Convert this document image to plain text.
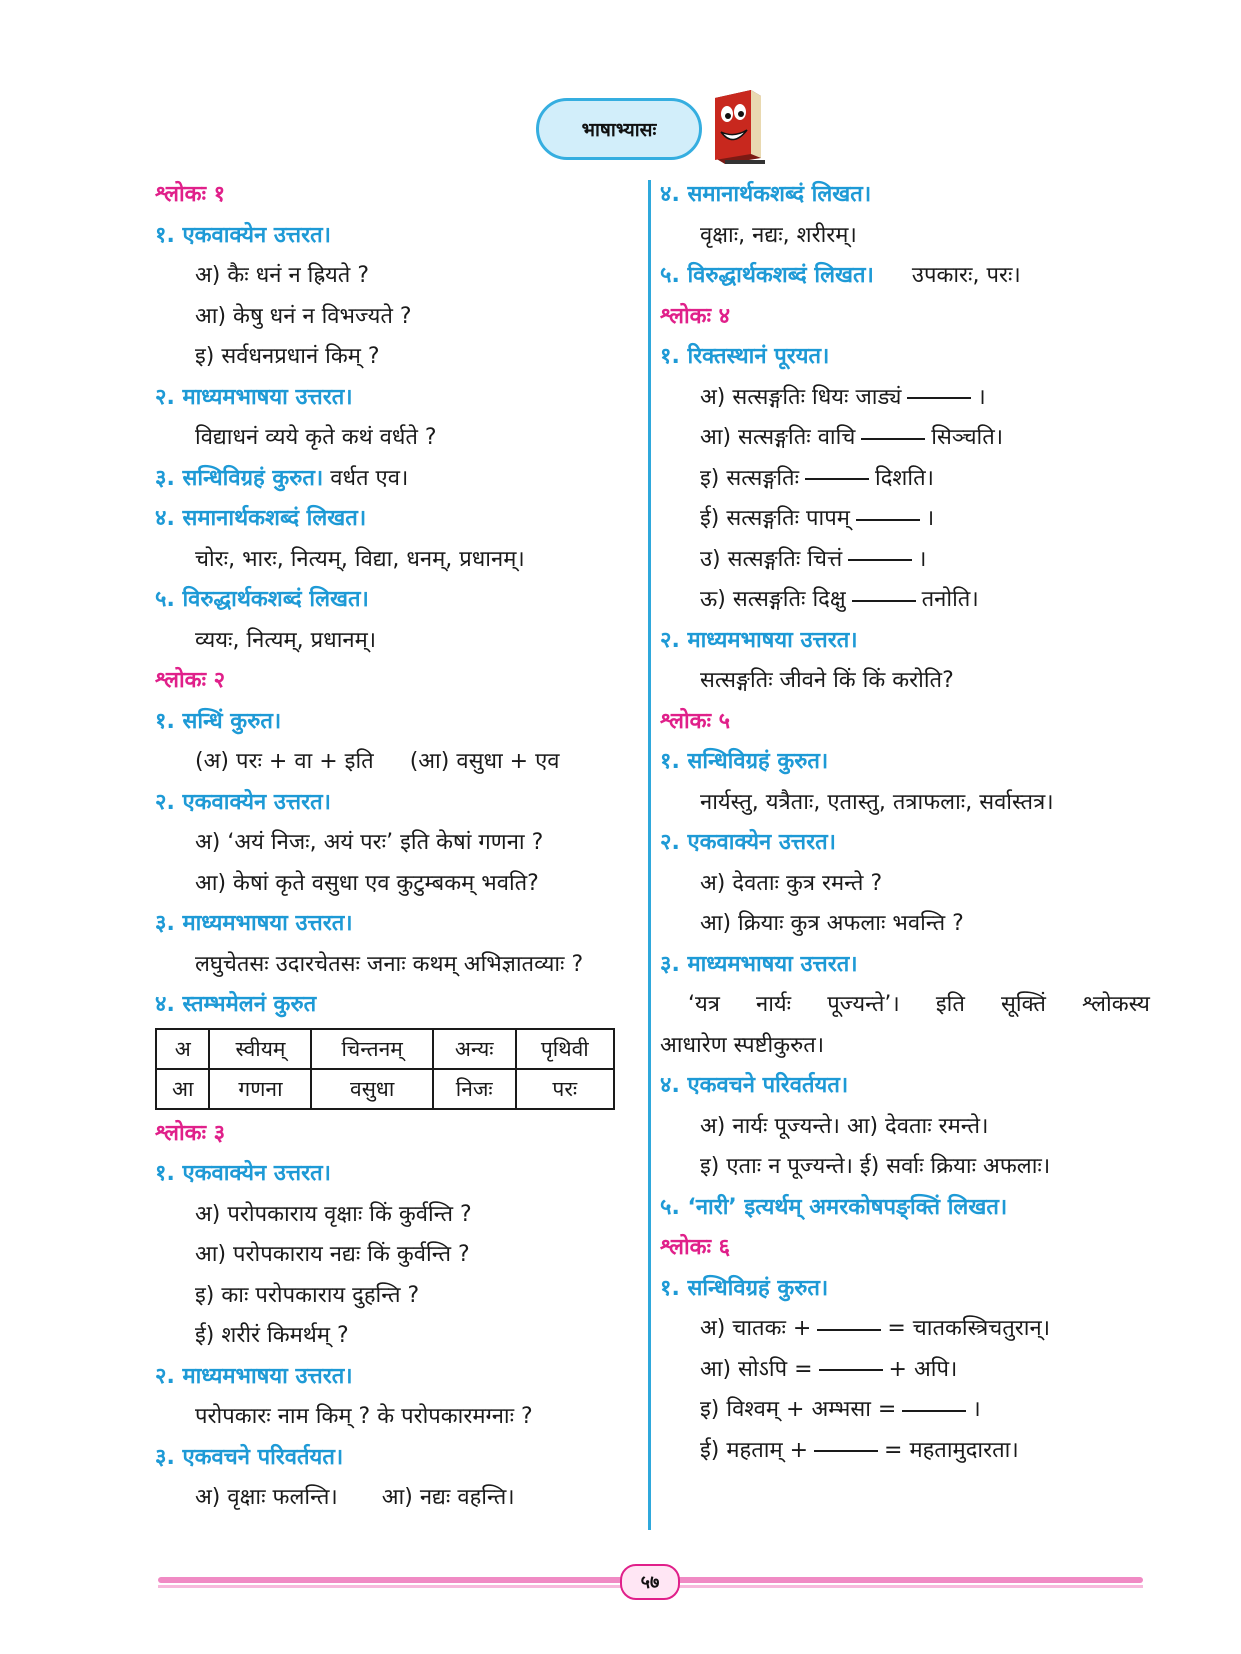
भाषाभ्यासः
श्लोकः १
१. एकवाक्येन उत्तरत।
अ) कैः धनं न ह्रियते ?
आ) केषु धनं न विभज्यते ?
इ) सर्वधनप्रधानं किम् ?
२. माध्यमभाषया उत्तरत।
विद्याधनं व्यये कृते कथं वर्धते ?
३. सन्धिविग्रहं कुरुत। वर्धत एव।
४. समानार्थकशब्दं लिखत।
चोरः, भारः, नित्यम्, विद्या, धनम्, प्रधानम्।
५. विरुद्धार्थकशब्दं लिखत।
व्ययः, नित्यम्, प्रधानम्।
श्लोकः २
१. सन्धिं कुरुत।
(अ) परः + वा + इति (आ) वसुधा + एव
२. एकवाक्येन उत्तरत।
अ) ‘अयं निजः, अयं परः’ इति केषां गणना ?
आ) केषां कृते वसुधा एव कुटुम्बकम् भवति?
३. माध्यमभाषया उत्तरत।
लघुचेतसः उदारचेतसः जनाः कथम् अभिज्ञातव्याः ?
४. स्तम्भमेलनं कुरुत
अ	स्वीयम्	चिन्तनम्	अन्यः	पृथिवी
आ	गणना	वसुधा	निजः	परः
श्लोकः ३
१. एकवाक्येन उत्तरत।
अ) परोपकाराय वृक्षाः किं कुर्वन्ति ?
आ) परोपकाराय नद्यः किं कुर्वन्ति ?
इ) काः परोपकाराय दुहन्ति ?
ई) शरीरं किमर्थम् ?
२. माध्यमभाषया उत्तरत।
परोपकारः नाम किम् ? के परोपकारमग्नाः ?
३. एकवचने परिवर्तयत।
अ) वृक्षाः फलन्ति। आ) नद्यः वहन्ति।
४. समानार्थकशब्दं लिखत।
वृक्षाः, नद्यः, शरीरम्।
५. विरुद्धार्थकशब्दं लिखत। उपकारः, परः।
श्लोकः ४
१. रिक्तस्थानं पूरयत।
अ) सत्सङ्गतिः धियः जाड्यं	।
आ) सत्सङ्गतिः वाचि	सिञ्चति।
इ) सत्सङ्गतिः	दिशति।
ई) सत्सङ्गतिः पापम्	।
उ) सत्सङ्गतिः चित्तं	।
ऊ) सत्सङ्गतिः दिक्षु	तनोति।
२. माध्यमभाषया उत्तरत।
सत्सङ्गतिः जीवने किं किं करोति?
श्लोकः ५
१. सन्धिविग्रहं कुरुत।
नार्यस्तु, यत्रैताः, एतास्तु, तत्राफलाः, सर्वास्तत्र।
२. एकवाक्येन उत्तरत।
अ) देवताः कुत्र रमन्ते ?
आ) क्रियाः कुत्र अफलाः भवन्ति ?
३. माध्यमभाषया उत्तरत।
‘यत्र नार्यः पूज्यन्ते’। इति सूक्तिं श्लोकस्य
आधारेण स्पष्टीकुरुत।
४. एकवचने परिवर्तयत।
अ) नार्यः पूज्यन्ते। आ) देवताः रमन्ते।
इ) एताः न पूज्यन्ते। ई) सर्वाः क्रियाः अफलाः।
५. ‘नारी’ इत्यर्थम् अमरकोषपङ्क्तिं लिखत।
श्लोकः ६
१. सन्धिविग्रहं कुरुत।
अ) चातकः +	= चातकस्त्रिचतुरान्।
आ) सोऽपि =	+ अपि।
इ) विश्वम् + अम्भसा =	।
ई) महताम् +	= महतामुदारता।
५७
